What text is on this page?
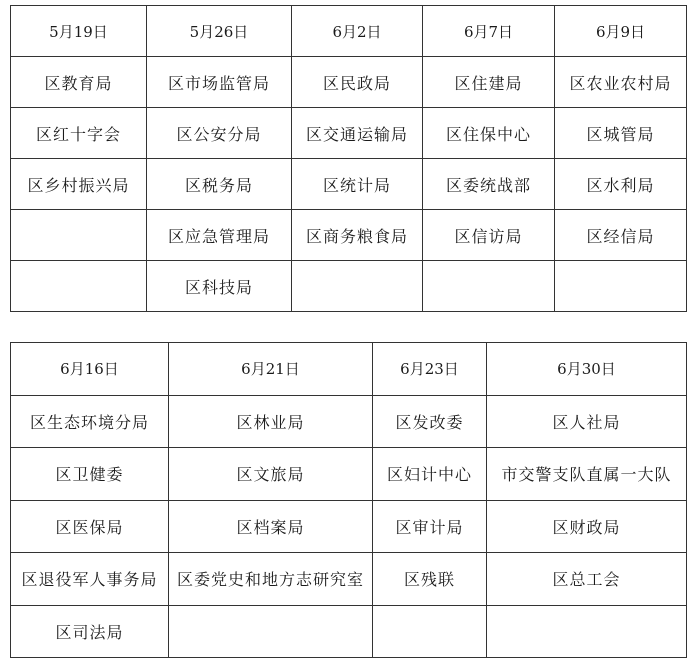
5月19日	5月26日	6月2日	6月7日	6月9日
区教育局	区市场监管局	区民政局	区住建局	区农业农村局
区红十字会	区公安分局	区交通运输局	区住保中心	区城管局
区乡村振兴局	区税务局	区统计局	区委统战部	区水利局
	区应急管理局	区商务粮食局	区信访局	区经信局
	区科技局			
6月16日	6月21日	6月23日	6月30日
区生态环境分局	区林业局	区发改委	区人社局
区卫健委	区文旅局	区妇计中心	市交警支队直属一大队
区医保局	区档案局	区审计局	区财政局
区退役军人事务局	区委党史和地方志研究室	区残联	区总工会
区司法局			
